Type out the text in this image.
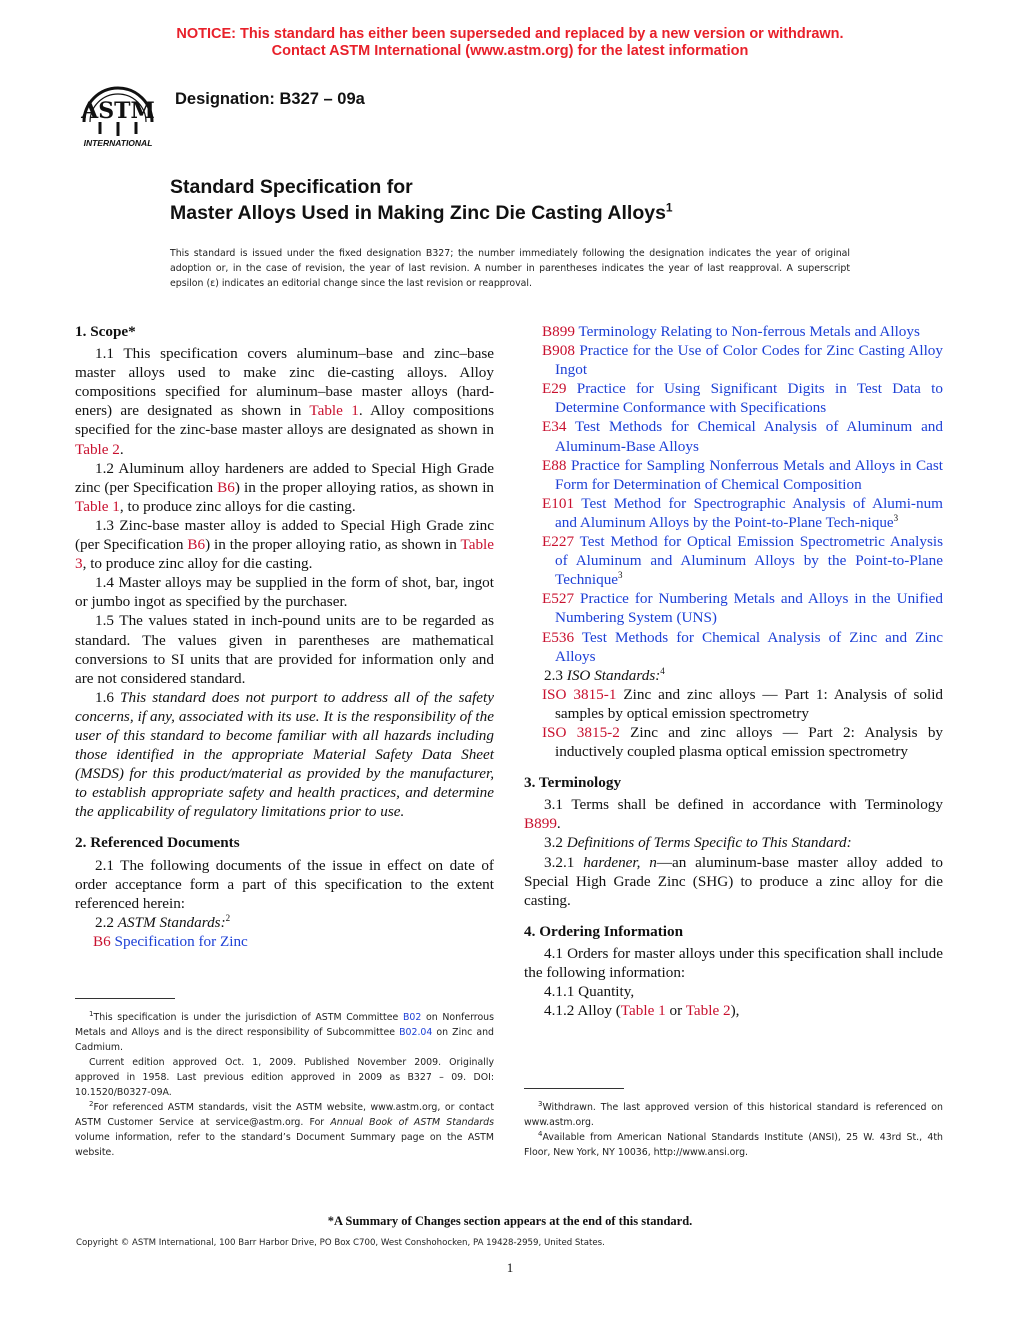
NOTICE: This standard has either been superseded and replaced by a new version or withdrawn.
Contact ASTM International (www.astm.org) for the latest information
ASTM
INTERNATIONAL
Designation: B327 – 09a
Standard Specification for
Master Alloys Used in Making Zinc Die Casting Alloys$^1$
This standard is issued under the fixed designation B327; the number immediately following the designation indicates the year of original adoption or, in the case of revision, the year of last revision. A number in parentheses indicates the year of last reapproval. A superscript epsilon (ε) indicates an editorial change since the last revision or reapproval.
1. Scope*

1.1 This specification covers aluminum–base and zinc–base master alloys used to make zinc die-casting alloys. Alloy compositions specified for aluminum–base master alloys (hard-eners) are designated as shown in Table 1. Alloy compositions specified for the zinc-base master alloys are designated as shown in Table 2.

1.2 Aluminum alloy hardeners are added to Special High Grade zinc (per Specification B6) in the proper alloying ratios, as shown in Table 1, to produce zinc alloys for die casting.

1.3 Zinc-base master alloy is added to Special High Grade zinc (per Specification B6) in the proper alloying ratio, as shown in Table 3, to produce zinc alloy for die casting.

1.4 Master alloys may be supplied in the form of shot, bar, ingot or jumbo ingot as specified by the purchaser.

1.5 The values stated in inch-pound units are to be regarded as standard. The values given in parentheses are mathematical conversions to SI units that are provided for information only and are not considered standard.

1.6 This standard does not purport to address all of the safety concerns, if any, associated with its use. It is the responsibility of the user of this standard to become familiar with all hazards including those identified in the appropriate Material Safety Data Sheet (MSDS) for this product/material as provided by the manufacturer, to establish appropriate safety and health practices, and determine the applicability of regulatory limitations prior to use.

2. Referenced Documents

2.1 The following documents of the issue in effect on date of order acceptance form a part of this specification to the extent referenced herein:

2.2 ASTM Standards:$^2$

B6 Specification for Zinc

B899 Terminology Relating to Non-ferrous Metals and Alloys

B908 Practice for the Use of Color Codes for Zinc Casting Alloy Ingot

E29 Practice for Using Significant Digits in Test Data to Determine Conformance with Specifications

E34 Test Methods for Chemical Analysis of Aluminum and Aluminum-Base Alloys

E88 Practice for Sampling Nonferrous Metals and Alloys in Cast Form for Determination of Chemical Composition

E101 Test Method for Spectrographic Analysis of Alumi-num and Aluminum Alloys by the Point-to-Plane Tech-nique$^3$

E227 Test Method for Optical Emission Spectrometric Analysis of Aluminum and Aluminum Alloys by the Point-to-Plane Technique$^3$

E527 Practice for Numbering Metals and Alloys in the Unified Numbering System (UNS)

E536 Test Methods for Chemical Analysis of Zinc and Zinc Alloys

2.3 ISO Standards:$^4$

ISO 3815-1 Zinc and zinc alloys — Part 1: Analysis of solid samples by optical emission spectrometry

ISO 3815-2 Zinc and zinc alloys — Part 2: Analysis by inductively coupled plasma optical emission spectrometry

3. Terminology

3.1 Terms shall be defined in accordance with Terminology B899.

3.2 Definitions of Terms Specific to This Standard:

3.2.1 hardener, n—an aluminum-base master alloy added to Special High Grade Zinc (SHG) to produce a zinc alloy for die casting.

4. Ordering Information

4.1 Orders for master alloys under this specification shall include the following information:

4.1.1 Quantity,

4.1.2 Alloy (Table 1 or Table 2),

$^1$This specification is under the jurisdiction of ASTM Committee B02 on Nonferrous Metals and Alloys and is the direct responsibility of Subcommittee B02.04 on Zinc and Cadmium.

Current edition approved Oct. 1, 2009. Published November 2009. Originally approved in 1958. Last previous edition approved in 2009 as B327 – 09. DOI: 10.1520/B0327-09A.

$^2$For referenced ASTM standards, visit the ASTM website, www.astm.org, or contact ASTM Customer Service at service@astm.org. For Annual Book of ASTM Standards volume information, refer to the standard’s Document Summary page on the ASTM website.

$^3$Withdrawn. The last approved version of this historical standard is referenced on www.astm.org.

$^4$Available from American National Standards Institute (ANSI), 25 W. 43rd St., 4th Floor, New York, NY 10036, http://www.ansi.org.

*A Summary of Changes section appears at the end of this standard.
Copyright © ASTM International, 100 Barr Harbor Drive, PO Box C700, West Conshohocken, PA 19428-2959, United States.
1
